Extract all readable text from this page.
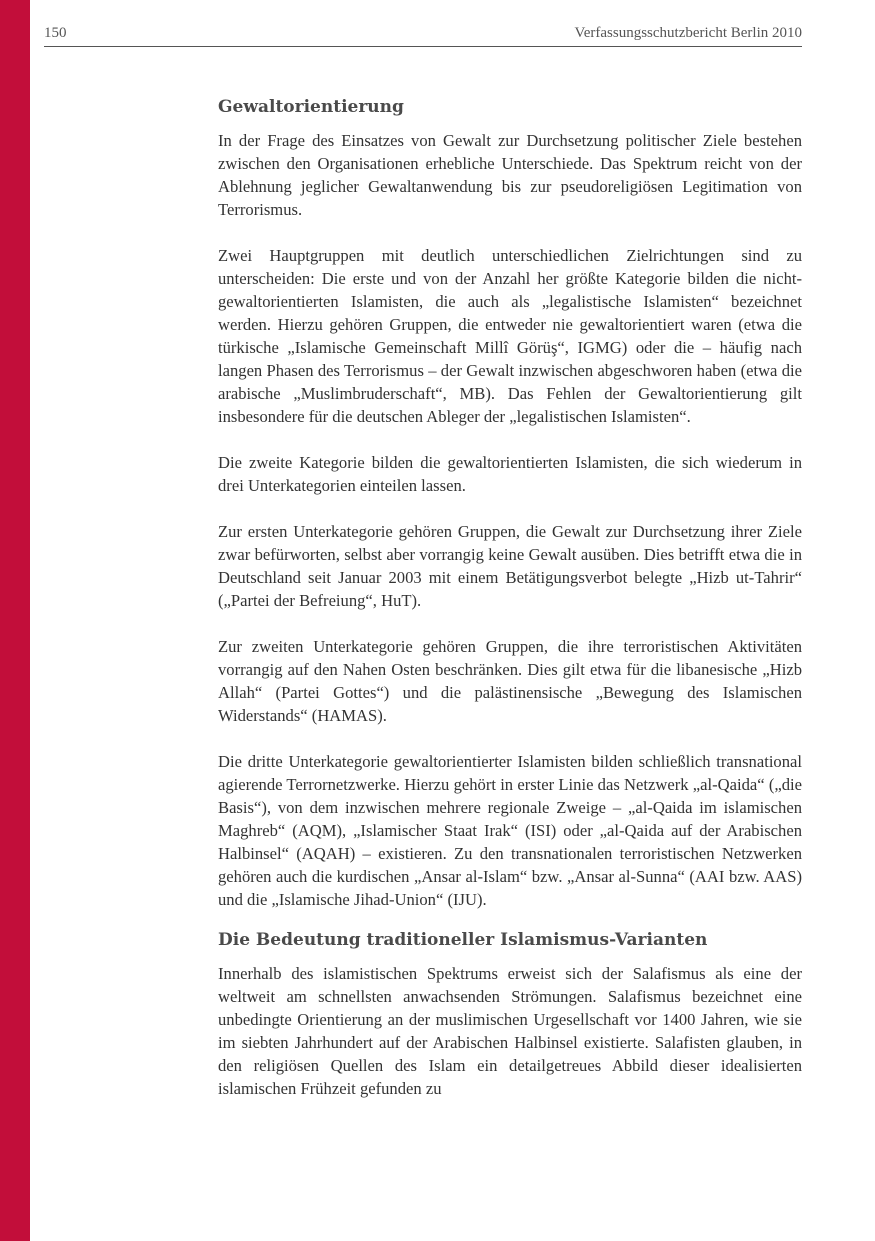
150	Verfassungsschutzbericht Berlin 2010
Gewaltorientierung

In der Frage des Einsatzes von Gewalt zur Durchsetzung politischer Ziele bestehen zwischen den Organisationen erhebliche Unterschiede. Das Spektrum reicht von der Ablehnung jeglicher Gewaltanwendung bis zur pseudoreligiösen Legitimation von Terrorismus.

Zwei Hauptgruppen mit deutlich unterschiedlichen Zielrichtungen sind zu unterscheiden: Die erste und von der Anzahl her größte Kategorie bilden die nicht-gewaltorientierten Islamisten, die auch als „legalistische Islamisten“ bezeichnet werden. Hierzu gehören Gruppen, die entweder nie gewaltorientiert waren (etwa die türkische „Islamische Gemeinschaft Millî Görüş“, IGMG) oder die – häufig nach langen Phasen des Terrorismus – der Gewalt inzwischen abgeschworen haben (etwa die arabische „Muslimbruderschaft“, MB). Das Fehlen der Gewaltorientierung gilt insbesondere für die deutschen Ableger der „legalistischen Islamisten“.

Die zweite Kategorie bilden die gewaltorientierten Islamisten, die sich wiederum in drei Unterkategorien einteilen lassen.

Zur ersten Unterkategorie gehören Gruppen, die Gewalt zur Durchsetzung ihrer Ziele zwar befürworten, selbst aber vorrangig keine Gewalt ausüben. Dies betrifft etwa die in Deutschland seit Januar 2003 mit einem Betätigungsverbot belegte „Hizb ut-Tahrir“ („Partei der Befreiung“, HuT).

Zur zweiten Unterkategorie gehören Gruppen, die ihre terroristischen Aktivitäten vorrangig auf den Nahen Osten beschränken. Dies gilt etwa für die libanesische „Hizb Allah“ (Partei Gottes“) und die palästinensische „Bewegung des Islamischen Widerstands“ (HAMAS).

Die dritte Unterkategorie gewaltorientierter Islamisten bilden schließlich transnational agierende Terrornetzwerke. Hierzu gehört in erster Linie das Netzwerk „al-Qaida“ („die Basis“), von dem inzwischen mehrere regionale Zweige – „al-Qaida im islamischen Maghreb“ (AQM), „Islamischer Staat Irak“ (ISI) oder „al-Qaida auf der Arabischen Halbinsel“ (AQAH) – existieren. Zu den transnationalen terroristischen Netzwerken gehören auch die kurdischen „Ansar al-Islam“ bzw. „Ansar al-Sunna“ (AAI bzw. AAS) und die „Islamische Jihad-Union“ (IJU).

Die Bedeutung traditioneller Islamismus-Varianten

Innerhalb des islamistischen Spektrums erweist sich der Salafismus als eine der weltweit am schnellsten anwachsenden Strömungen. Salafismus bezeichnet eine unbedingte Orientierung an der muslimischen Urgesellschaft vor 1400 Jahren, wie sie im siebten Jahrhundert auf der Arabischen Halbinsel existierte. Salafisten glauben, in den religiösen Quellen des Islam ein detailgetreues Abbild dieser idealisierten islamischen Frühzeit gefunden zu
